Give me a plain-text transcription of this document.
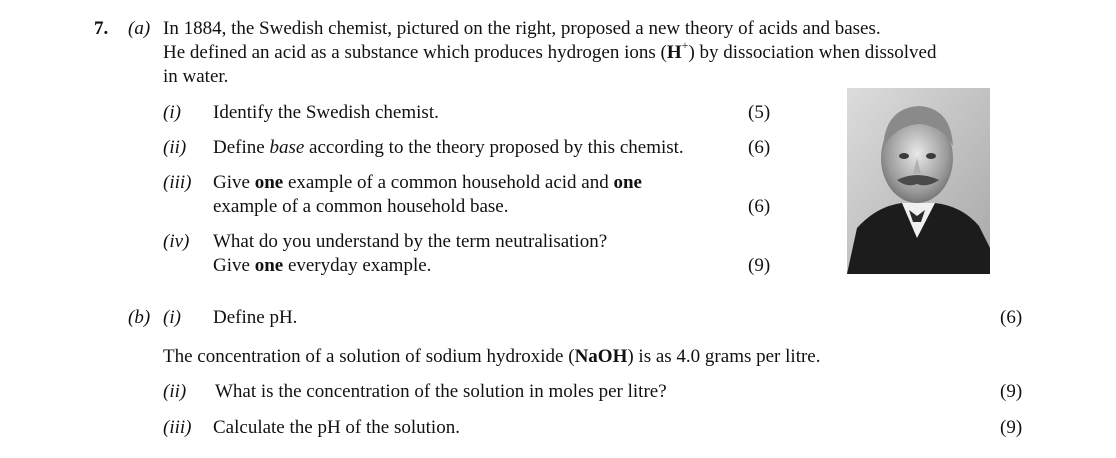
7. (a) In 1884, the Swedish chemist, pictured on the right, proposed a new theory of acids and bases.
He defined an acid as a substance which produces hydrogen ions (H+) by dissociation when dissolved
in water.
(i) Identify the Swedish chemist.	(5)
(ii) Define base according to the theory proposed by this chemist.	(6)
(iii) Give one example of a common household acid and one
example of a common household base.	(6)
(iv) What do you understand by the term neutralisation?
Give one everyday example.	(9)
(b) (i) Define pH.	(6)
The concentration of a solution of sodium hydroxide (NaOH) is as 4.0 grams per litre.
(ii) What is the concentration of the solution in moles per litre?	(9)
(iii) Calculate the pH of the solution.	(9)
